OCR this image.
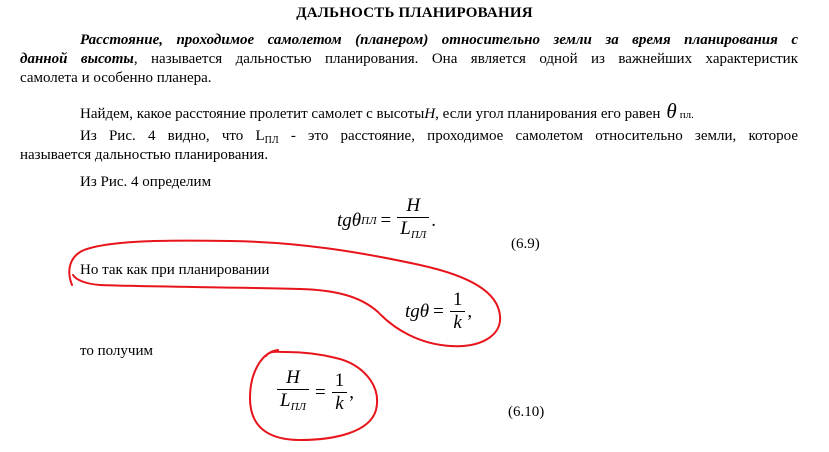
ДАЛЬНОСТЬ ПЛАНИРОВАНИЯ
Расстояние, проходимое самолетом (планером) относительно земли за время планирования с
данной высоты, называется дальностью планирования. Она является одной из важнейших характеристик
самолета и особенно планера.
Найдем, какое расстояние пролетит самолет с высоты H , если угол планирования его равен θпл.
Из Рис. 4 видно, что $L_{ПЛ}$ - это расстояние, проходимое самолетом относительно земли, которое
называется дальностью планирования.
Из Рис. 4 определим
tgθ ПЛ = $\frac{H}{L_{ПЛ}}$ .
(6.9)
Но так как при планировании
$tg\theta = \frac{1}{k}$ ,
то получим
$\frac{H}{L_{ПЛ}} = \frac{1}{k}$ ,
(6.10)
